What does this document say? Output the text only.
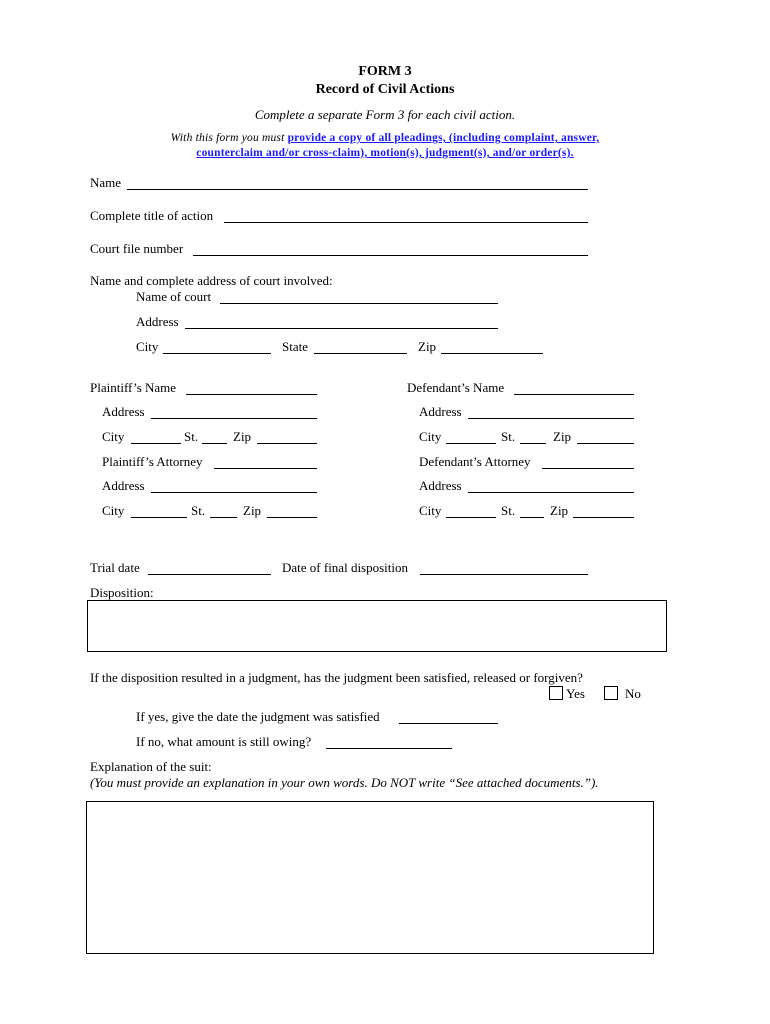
FORM 3
Record of Civil Actions
Complete a separate Form 3 for each civil action.
With this form you must provide a copy of all pleadings, (including complaint, answer,
counterclaim and/or cross-claim), motion(s), judgment(s), and/or order(s).
Name
Complete title of action
Court file number
Name and complete address of court involved:
Name of court
Address
City	State	Zip
Plaintiff’s Name
Address
City	St.	Zip
Plaintiff’s Attorney
Address
City	St.	Zip
Defendant’s Name
Address
City	St.	Zip
Defendant’s Attorney
Address
City	St.	Zip
Trial date	Date of final disposition
Disposition:
If the disposition resulted in a judgment, has the judgment been satisfied, released or forgiven?
Yes	No
If yes, give the date the judgment was satisfied
If no, what amount is still owing?
Explanation of the suit:
(You must provide an explanation in your own words. Do NOT write “See attached documents.”).
